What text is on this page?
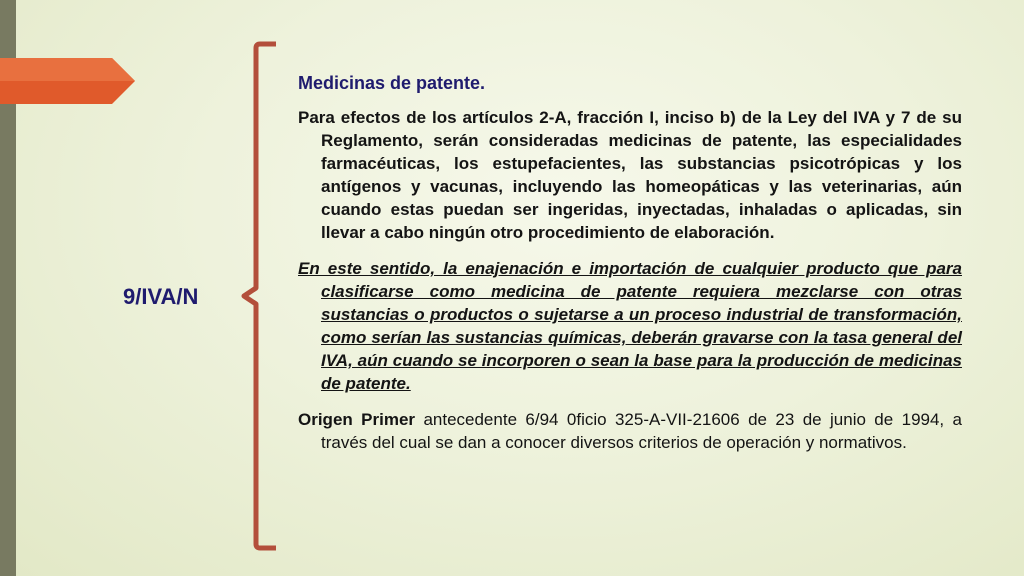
9/IVA/N
Medicinas de patente.
Para efectos de los artículos 2-A, fracción I, inciso b) de la Ley del IVA y 7 de su Reglamento, serán consideradas medicinas de patente, las especialidades farmacéuticas, los estupefacientes, las substancias psicotrópicas y los antígenos y vacunas, incluyendo las homeopáticas y las veterinarias, aún cuando estas puedan ser ingeridas, inyectadas, inhaladas o aplicadas, sin llevar a cabo ningún otro procedimiento de elaboración.
En este sentido, la enajenación e importación de cualquier producto que para clasificarse como medicina de patente requiera mezclarse con otras sustancias o productos o sujetarse a un proceso industrial de transformación, como serían las sustancias químicas, deberán gravarse con la tasa general del IVA, aún cuando se incorporen o sean la base para la producción de medicinas de patente.
Origen Primer antecedente 6/94 0ficio 325-A-VII-21606 de 23 de junio de 1994, a través del cual se dan a conocer diversos criterios de operación y normativos.
